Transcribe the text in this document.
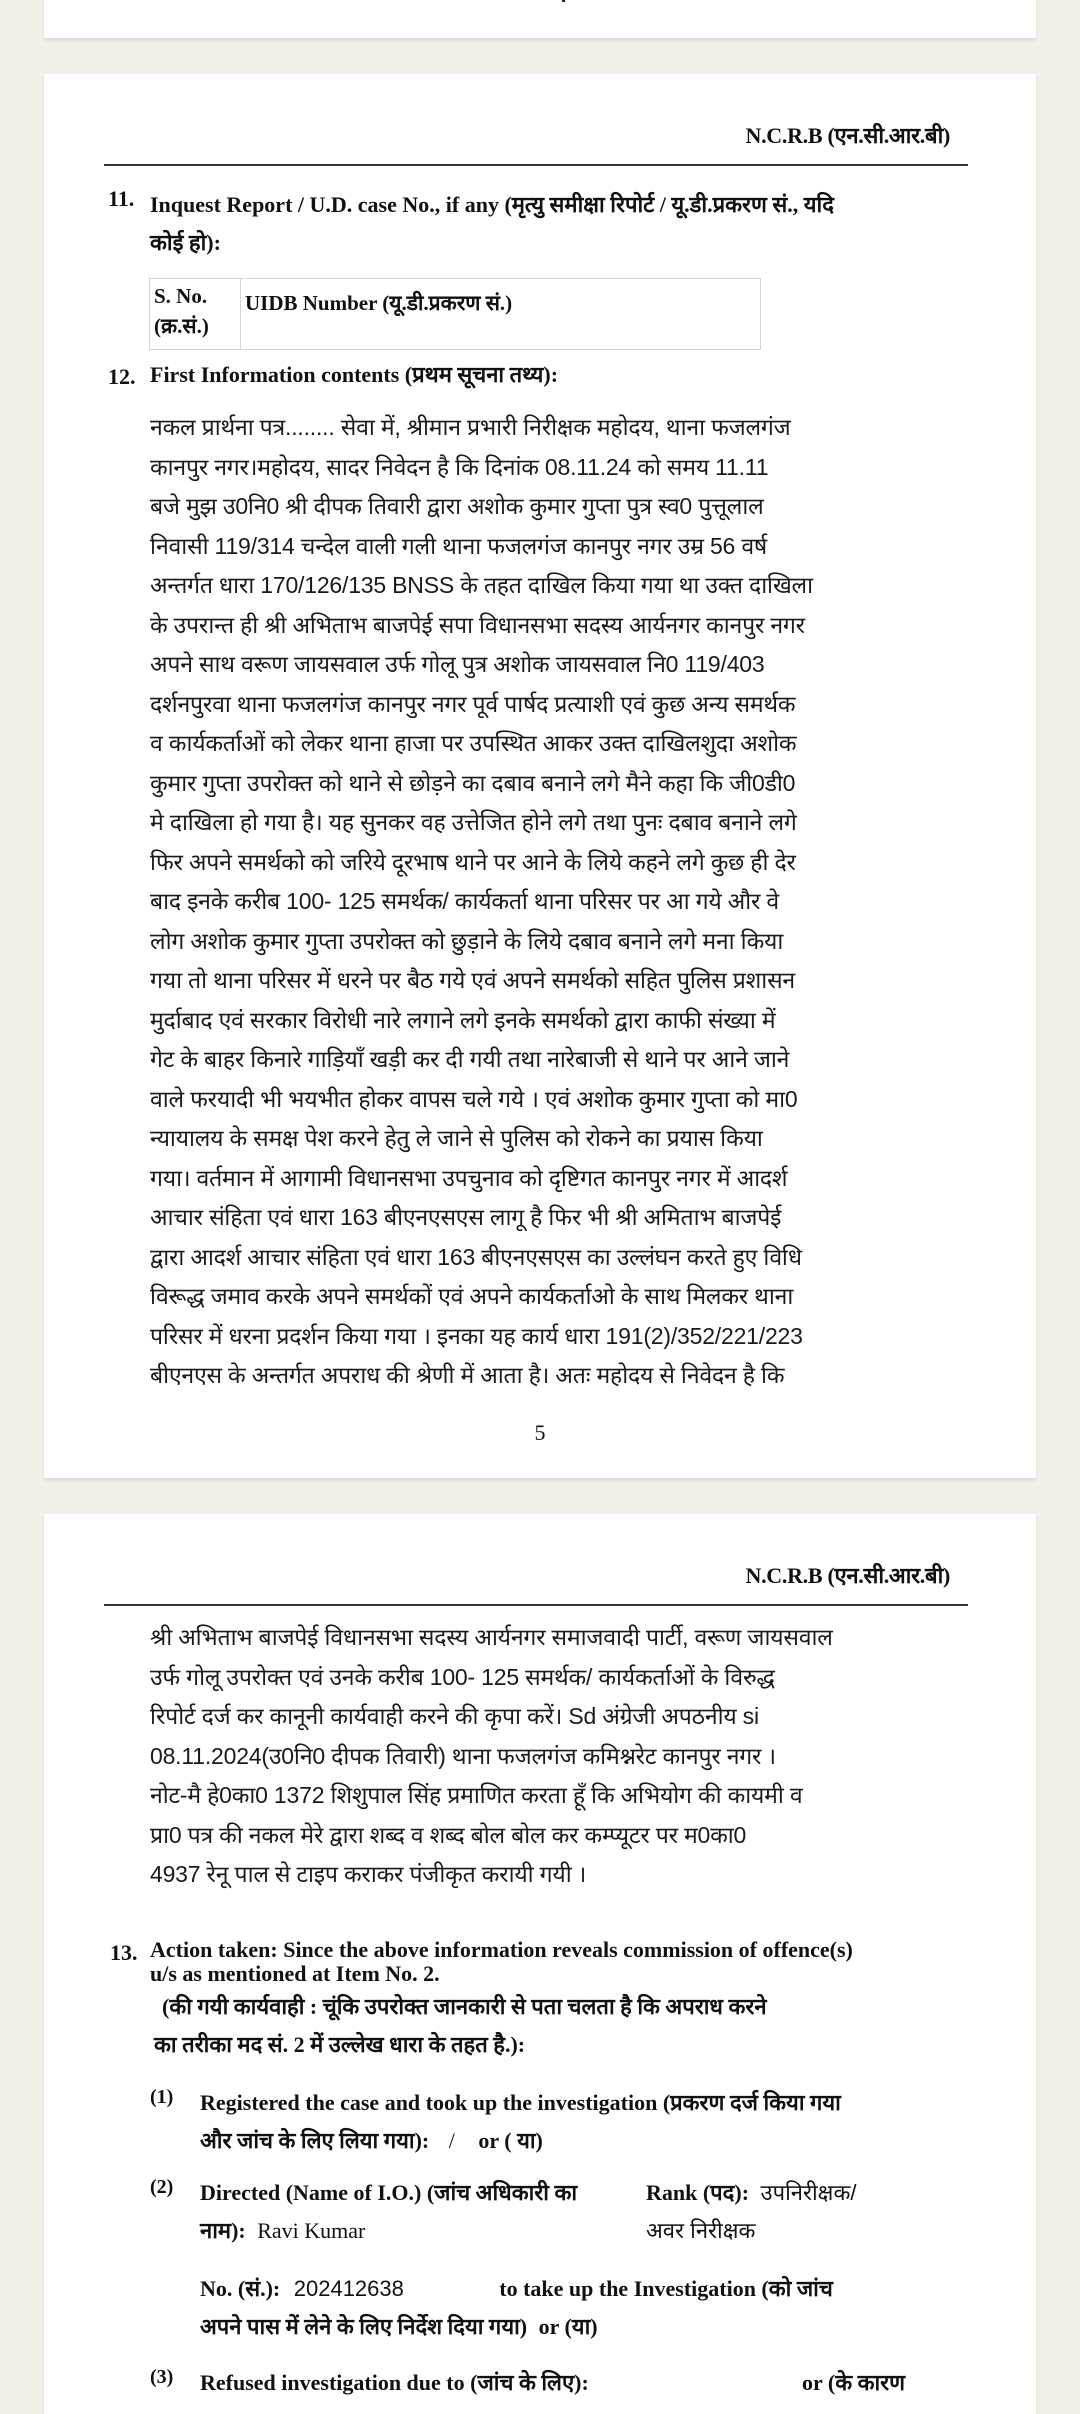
N.C.R.B (एन.सी.आर.बी)
11. Inquest Report / U.D. case No., if any (मृत्यु समीक्षा रिपोर्ट / यू.डी.प्रकरण सं., यदि
कोई हो):
S. No.
(क्र.सं.)
UIDB Number (यू.डी.प्रकरण सं.)
12. First Information contents (प्रथम सूचना तथ्य):
नकल प्रार्थना पत्र........ सेवा में, श्रीमान प्रभारी निरीक्षक महोदय, थाना फजलगंज
कानपुर नगर।महोदय, सादर निवेदन है कि दिनांक 08.11.24 को समय 11.11
बजे मुझ उ0नि0 श्री दीपक तिवारी द्वारा अशोक कुमार गुप्ता पुत्र स्व0 पुत्तूलाल
निवासी 119/314 चन्देल वाली गली थाना फजलगंज कानपुर नगर उम्र 56 वर्ष
अन्तर्गत धारा 170/126/135 BNSS के तहत दाखिल किया गया था उक्त दाखिला
के उपरान्त ही श्री अभिताभ बाजपेई सपा विधानसभा सदस्य आर्यनगर कानपुर नगर
अपने साथ वरूण जायसवाल उर्फ गोलू पुत्र अशोक जायसवाल नि0 119/403
दर्शनपुरवा थाना फजलगंज कानपुर नगर पूर्व पार्षद प्रत्याशी एवं कुछ अन्य समर्थक
व कार्यकर्ताओं को लेकर थाना हाजा पर उपस्थित आकर उक्त दाखिलशुदा अशोक
कुमार गुप्ता उपरोक्त को थाने से छोड़ने का दबाव बनाने लगे मैने कहा कि जी0डी0
मे दाखिला हो गया है। यह सुनकर वह उत्तेजित होने लगे तथा पुनः दबाव बनाने लगे
फिर अपने समर्थको को जरिये दूरभाष थाने पर आने के लिये कहने लगे कुछ ही देर
बाद इनके करीब 100- 125 समर्थक/ कार्यकर्ता थाना परिसर पर आ गये और वे
लोग अशोक कुमार गुप्ता उपरोक्त को छुड़ाने के लिये दबाव बनाने लगे मना किया
गया तो थाना परिसर में धरने पर बैठ गये एवं अपने समर्थको सहित पुलिस प्रशासन
मुर्दाबाद एवं सरकार विरोधी नारे लगाने लगे इनके समर्थको द्वारा काफी संख्या में
गेट के बाहर किनारे गाड़ियाँ खड़ी कर दी गयी तथा नारेबाजी से थाने पर आने जाने
वाले फरयादी भी भयभीत होकर वापस चले गये । एवं अशोक कुमार गुप्ता को मा0
न्यायालय के समक्ष पेश करने हेतु ले जाने से पुलिस को रोकने का प्रयास किया
गया। वर्तमान में आगामी विधानसभा उपचुनाव को दृष्टिगत कानपुर नगर में आदर्श
आचार संहिता एवं धारा 163 बीएनएसएस लागू है फिर भी श्री अमिताभ बाजपेई
द्वारा आदर्श आचार संहिता एवं धारा 163 बीएनएसएस का उल्लंघन करते हुए विधि
विरूद्ध जमाव करके अपने समर्थकों एवं अपने कार्यकर्ताओ के साथ मिलकर थाना
परिसर में धरना प्रदर्शन किया गया । इनका यह कार्य धारा 191(2)/352/221/223
बीएनएस के अन्तर्गत अपराध की श्रेणी में आता है। अतः महोदय से निवेदन है कि
5
N.C.R.B (एन.सी.आर.बी)
श्री अभिताभ बाजपेई विधानसभा सदस्य आर्यनगर समाजवादी पार्टी, वरूण जायसवाल
उर्फ गोलू उपरोक्त एवं उनके करीब 100- 125 समर्थक/ कार्यकर्ताओं के विरुद्ध
रिपोर्ट दर्ज कर कानूनी कार्यवाही करने की कृपा करें। Sd अंग्रेजी अपठनीय si
08.11.2024(उ0नि0 दीपक तिवारी) थाना फजलगंज कमिश्नरेट कानपुर नगर ।
नोट-मै हे0का0 1372 शिशुपाल सिंह प्रमाणित करता हूँ कि अभियोग की कायमी व
प्रा0 पत्र की नकल मेरे द्वारा शब्द व शब्द बोल बोल कर कम्प्यूटर पर म0का0
4937 रेनू पाल से टाइप कराकर पंजीकृत करायी गयी ।
13. Action taken: Since the above information reveals commission of offence(s)
u/s as mentioned at Item No. 2.
(की गयी कार्यवाही : चूंकि उपरोक्त जानकारी से पता चलता है कि अपराध करने
का तरीका मद सं. 2 में उल्लेख धारा के तहत है.):
(1) Registered the case and took up the investigation (प्रकरण दर्ज किया गया
और जांच के लिए लिया गया): / or ( या)
(2) Directed (Name of I.O.) (जांच अधिकारी का
नाम): Ravi Kumar
Rank (पद): उपनिरीक्षक/
अवर निरीक्षक
No. (सं.): 202412638	to take up the Investigation (को जांच
अपने पास में लेने के लिए निर्देश दिया गया) or (या)
(3) Refused investigation due to (जांच के लिए):	or (के कारण
